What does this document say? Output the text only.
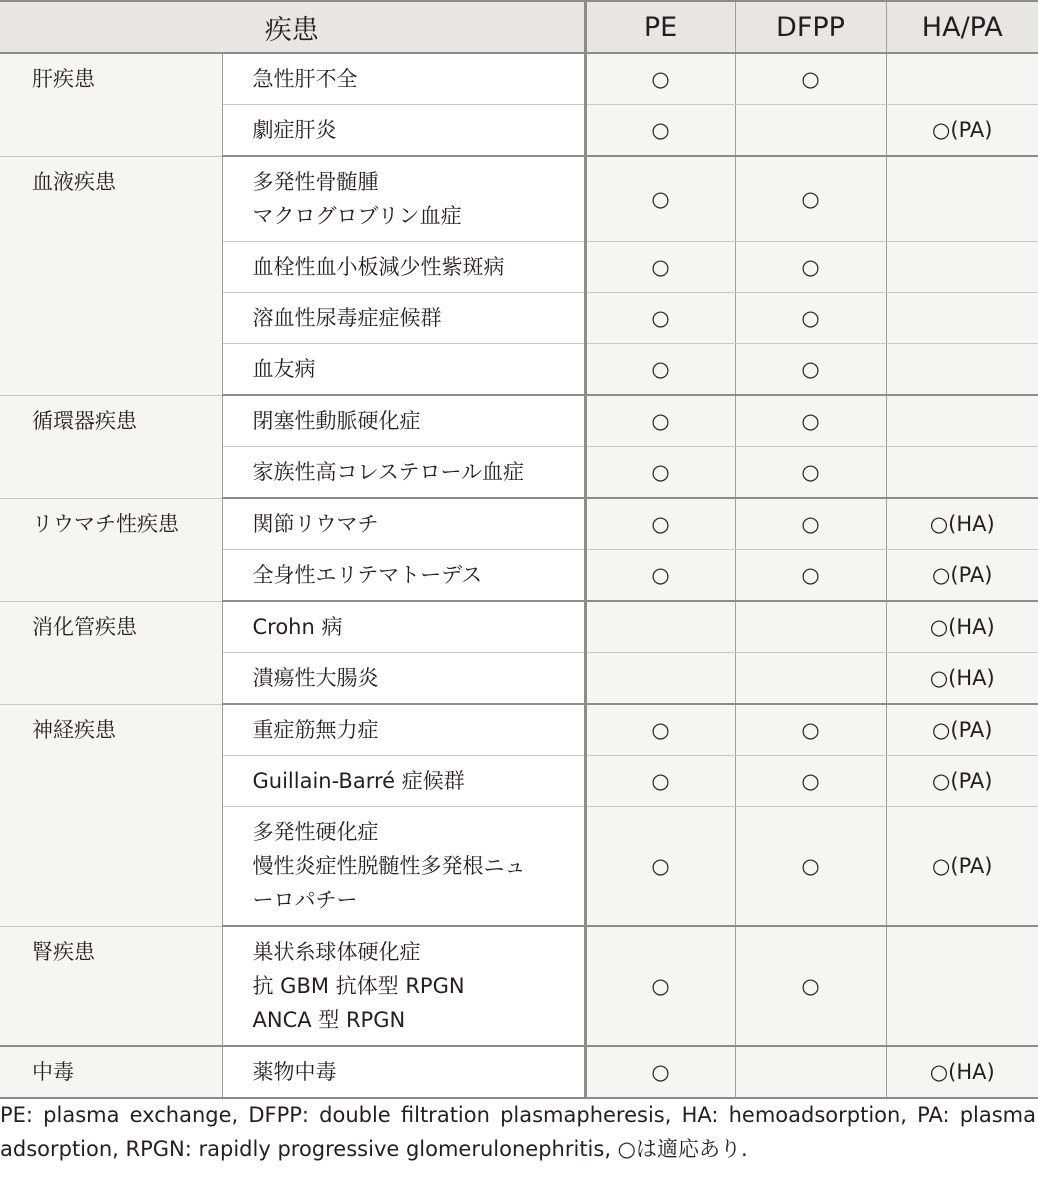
疾患		PE	DFPP	HA/PA
肝疾患	急性肝不全	○	○	

	劇症肝炎	○		○(PA)
血液疾患	多発性骨髄腫
マクログロブリン血症	○	○	

	血栓性血小板減少性紫斑病	○	○	

	溶血性尿毒症症候群	○	○	

	血友病	○	○	
循環器疾患	閉塞性動脈硬化症	○	○	

	家族性高コレステロール血症	○	○	
リウマチ性疾患	関節リウマチ	○	○	○(HA)

	全身性エリテマトーデス	○	○	○(PA)
消化管疾患	Crohn 病			○(HA)

	潰瘍性大腸炎			○(HA)
神経疾患	重症筋無力症	○	○	○(PA)

	Guillain-Barré 症候群	○	○	○(PA)

	多発性硬化症
慢性炎症性脱髄性多発根ニュ
ーロパチー	○	○	○(PA)
腎疾患	巣状糸球体硬化症
抗 GBM 抗体型 RPGN
ANCA 型 RPGN	○	○	
中毒	薬物中毒	○		○(HA)
PE: plasma exchange, DFPP: double filtration plasmapheresis, HA: hemoadsorption, PA: plasma adsorption, RPGN: rapidly progressive glomerulonephritis, ○は適応あり.
